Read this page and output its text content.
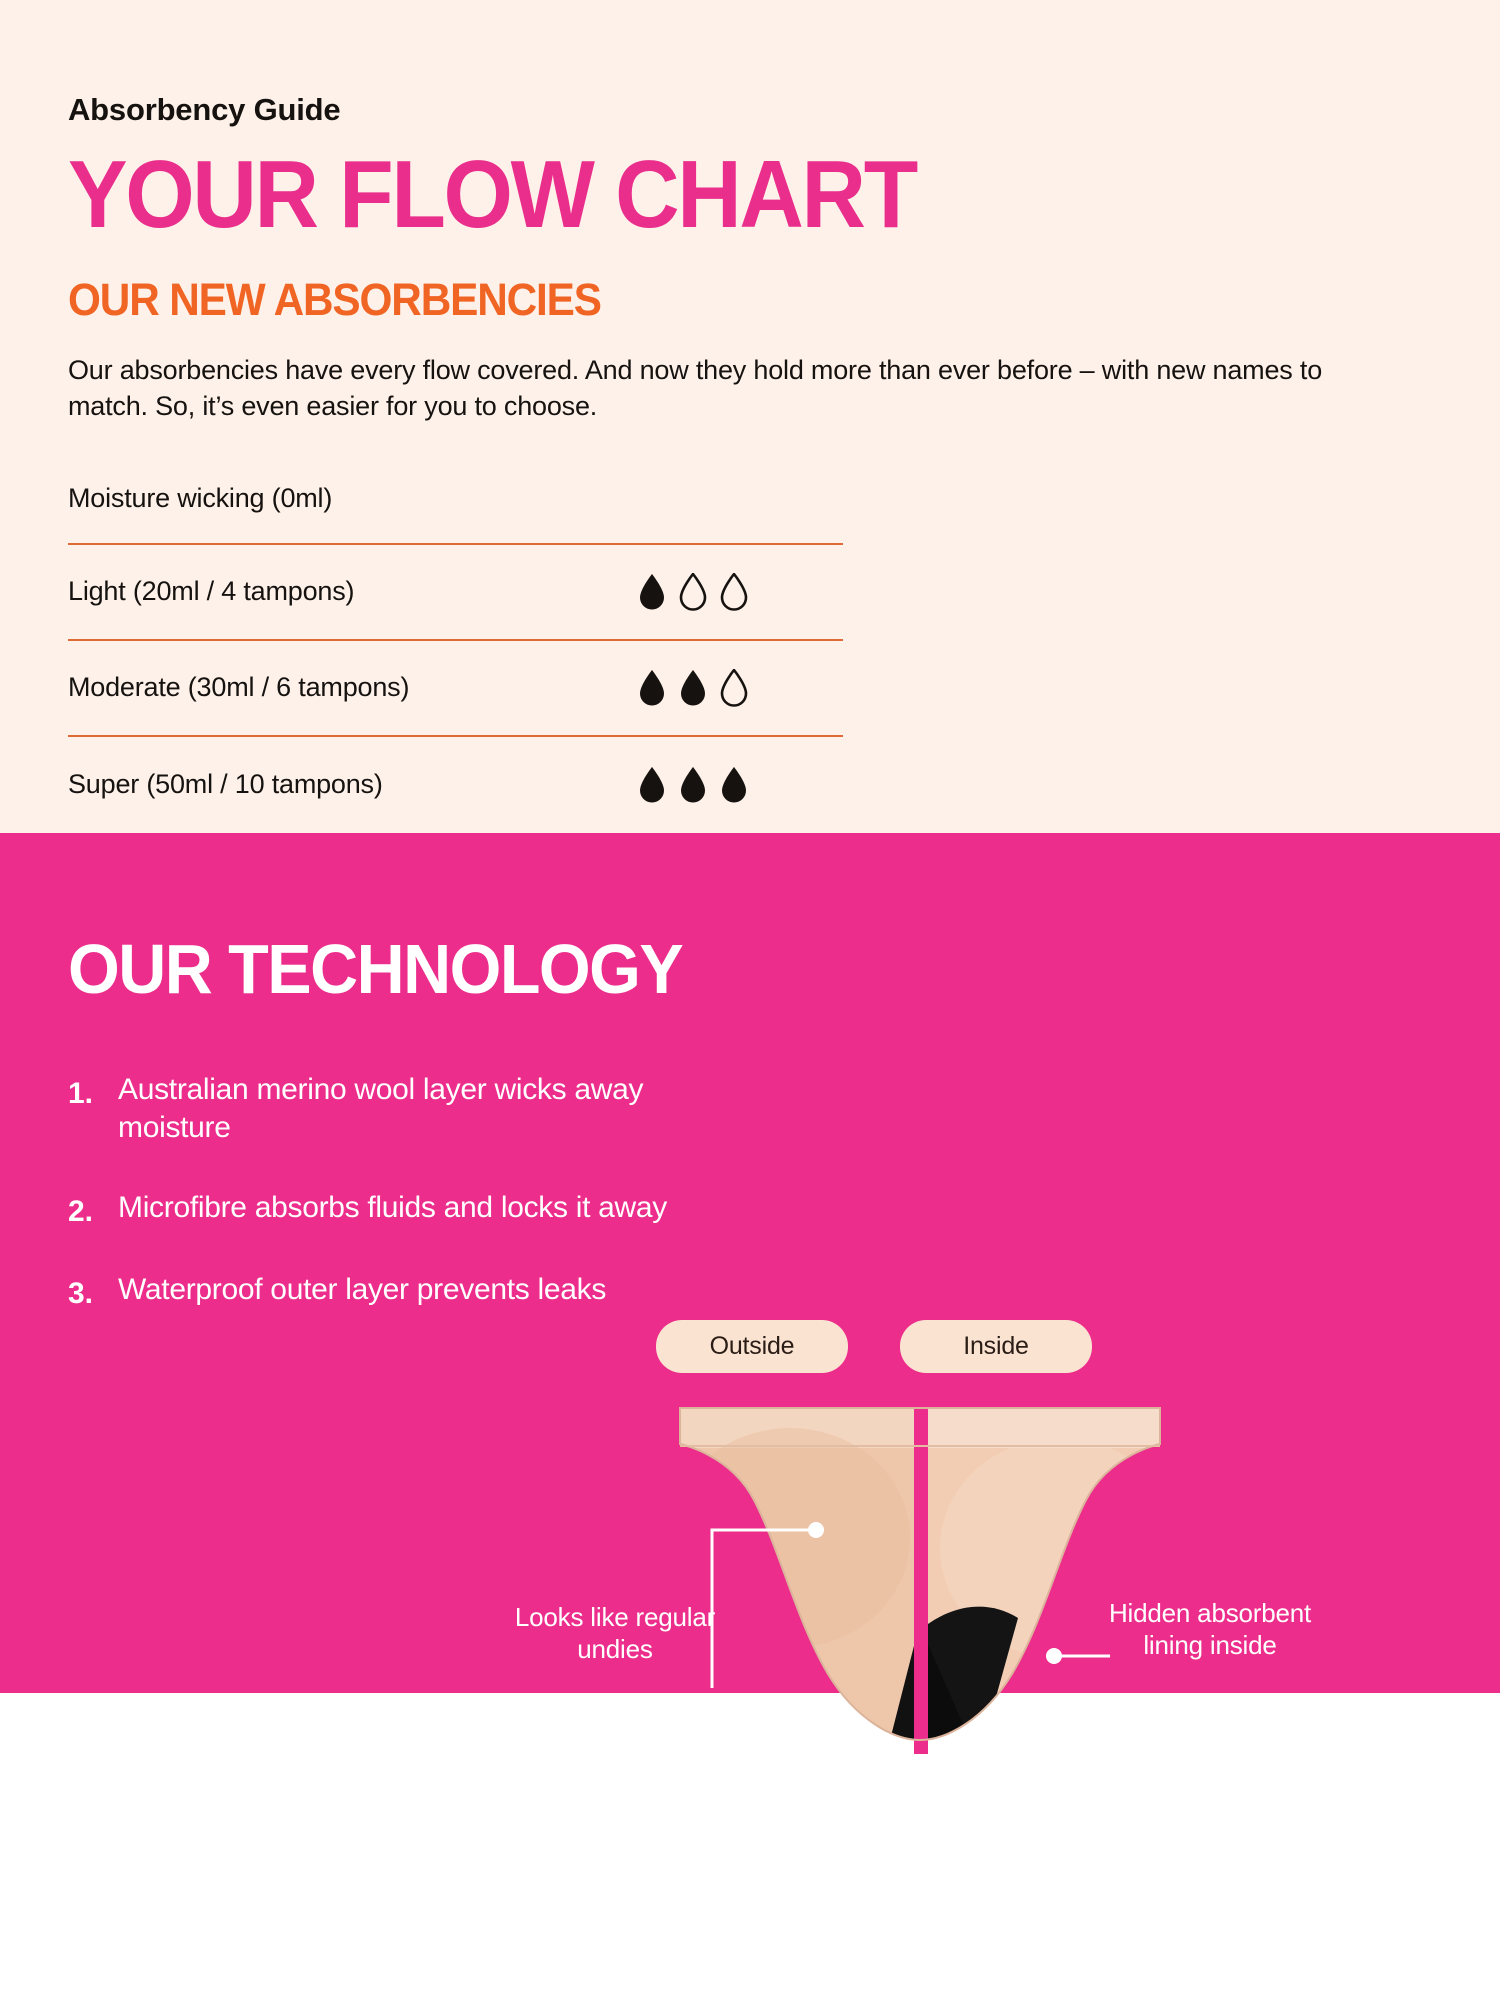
Absorbency Guide
YOUR FLOW CHART
OUR NEW ABSORBENCIES
Our absorbencies have every flow covered. And now they hold more than ever before – with new names to match. So, it’s even easier for you to choose.
Moisture wicking (0ml)
Light (20ml / 4 tampons)
Moderate (30ml / 6 tampons)
Super (50ml / 10 tampons)
OUR TECHNOLOGY
1. Australian merino wool layer wicks away moisture
2. Microfibre absorbs fluids and locks it away
3. Waterproof outer layer prevents leaks
Outside	Inside
Looks like regular undies
Hidden absorbent lining inside
